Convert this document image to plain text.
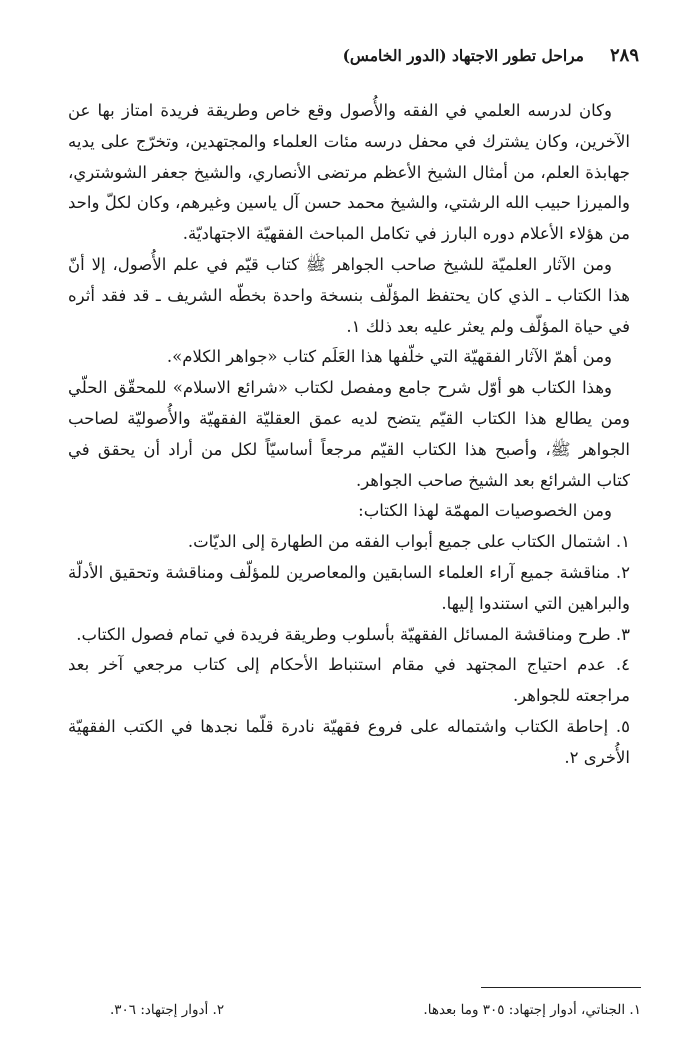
٢٨٩
مراحل تطور الاجتهاد (الدور الخامس)

وكان لدرسه العلمي في الفقه والأُصول وقع خاص وطريقة فريدة امتاز بها عن الآخرين، وكان يشترك في محفل درسه مئات العلماء والمجتهدين، وتخرّج على يديه جهابذة العلم، من أمثال الشيخ الأعظم مرتضى الأنصاري، والشيخ جعفر الشوشتري، والميرزا حبيب الله الرشتي، والشيخ محمد حسن آل ياسين وغيرهم، وكان لكلّ واحد من هؤلاء الأعلام دوره البارز في تكامل المباحث الفقهيّة الاجتهاديّة.

ومن الآثار العلميّة للشيخ صاحب الجواهر ﷺ كتاب قيّم في علم الأُصول، إلا أنّ هذا الكتاب ـ الذي كان يحتفظ المؤلّف بنسخة واحدة بخطّه الشريف ـ قد فقد أثره في حياة المؤلّف ولم يعثر عليه بعد ذلك ١.

ومن أهمّ الآثار الفقهيّة التي خلّفها هذا العَلَم كتاب «جواهر الكلام».

وهذا الكتاب هو أوّل شرح جامع ومفصل لكتاب «شرائع الاسلام» للمحقّق الحلّي ومن يطالع هذا الكتاب القيّم يتضح لديه عمق العقليّة الفقهيّة والأُصوليّة لصاحب الجواهر ﷺ، وأصبح هذا الكتاب القيّم مرجعاً أساسيّاً لكل من أراد أن يحقق في كتاب الشرائع بعد الشيخ صاحب الجواهر.

ومن الخصوصيات المهمّة لهذا الكتاب:

١. اشتمال الكتاب على جميع أبواب الفقه من الطهارة إلى الديّات.

٢. مناقشة جميع آراء العلماء السابقين والمعاصرين للمؤلّف ومناقشة وتحقيق الأدلّة والبراهين التي استندوا إليها.

٣. طرح ومناقشة المسائل الفقهيّة بأسلوب وطريقة فريدة في تمام فصول الكتاب.

٤. عدم احتياج المجتهد في مقام استنباط الأحكام إلى كتاب مرجعي آخر بعد مراجعته للجواهر.

٥. إحاطة الكتاب واشتماله على فروع فقهيّة نادرة قلّما نجدها في الكتب الفقهيّة الأُخرى ٢.

١. الجناتي، أدوار إجتهاد: ٣٠٥ وما بعدها.
٢. أدوار إجتهاد: ٣٠٦.
